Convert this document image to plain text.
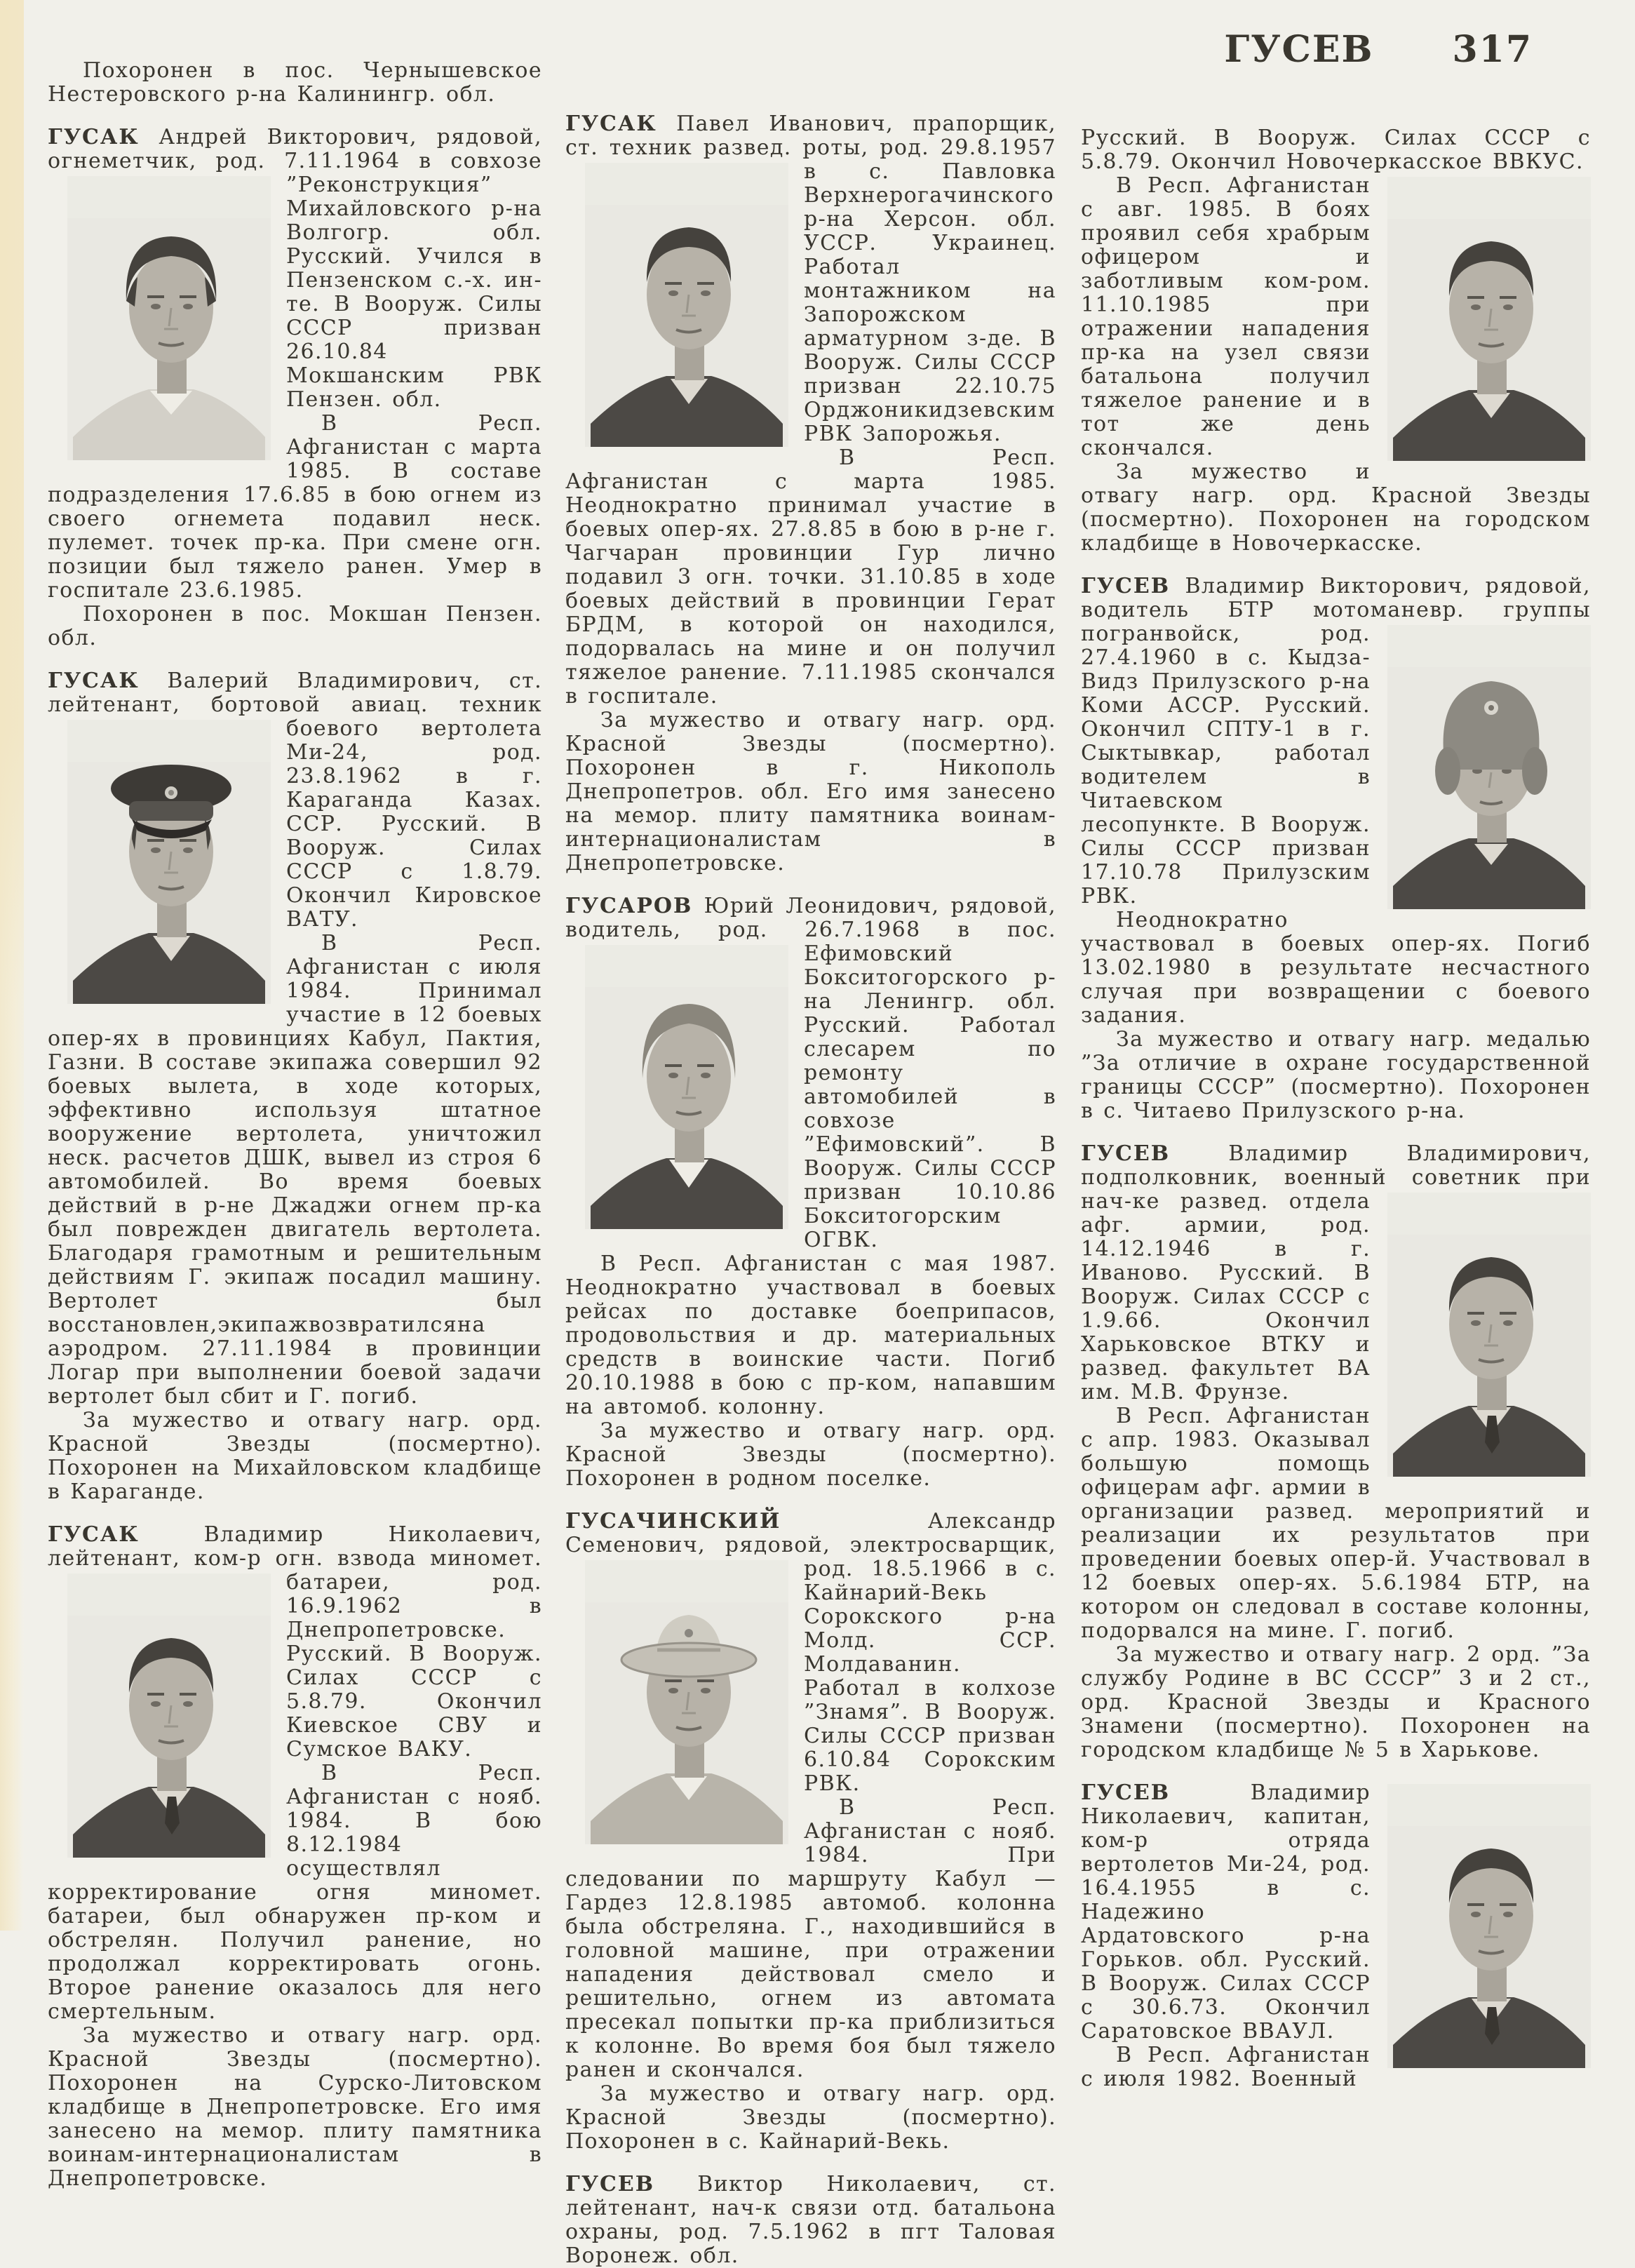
ГУСЕВ 317

Похоронен в пос. Чернышевское Нестеровского р-на Калинингр. обл.

ГУСАК Андрей Викторович, рядовой, огнеметчик, род. 7.11.1964 в совхозе
”Реконструкция” Михайловского р-на Волгогр. обл. Русский. Учился в Пензенском с.-х. ин-те. В Вооруж. Силы СССР призван 26.10.84 Мокшанским РВК Пензен. обл.

В Респ. Афганистан с марта 1985. В составе подразделения 17.6.85 в бою огнем из своего огнемета подавил неск. пулемет. точек пр-ка. При смене огн. позиции был тяжело ранен. Умер в госпитале 23.6.1985.

Похоронен в пос. Мокшан Пензен. обл.

ГУСАК Валерий Владимирович, ст. лейтенант, бортовой авиац. техник
боевого вертолета Ми-24, род. 23.8.1962 в г. Караганда Казах. ССР. Русский. В Вооруж. Силах СССР с 1.8.79. Окончил Кировское ВАТУ.

В Респ. Афганистан с июля 1984. Принимал участие в 12 боевых опер-ях в провинциях Кабул, Пактия, Газни. В составе экипажа совершил 92 боевых вылета, в ходе которых, эффективно используя штатное вооружение вертолета, уничтожил неск. расчетов ДШК, вывел из строя 6 автомобилей. Во время боевых действий в р-не Джаджи огнем пр-ка был поврежден двигатель вертолета. Благодаря грамотным и решительным действиям Г. экипаж посадил машину. Вертолет был восстановлен,экипажвозвратилсяна аэродром. 27.11.1984 в провинции Логар при выполнении боевой задачи вертолет был сбит и Г. погиб.

За мужество и отвагу нагр. орд. Красной Звезды (посмертно). Похоронен на Михайловском кладбище в Караганде.

ГУСАК Владимир Николаевич, лейтенант, ком-р огн. взвода миномет. батареи,	род. 16.9.1962 в Днепропетровске. Русский. В Вооруж. Силах СССР с 5.8.79. Окончил Киевское СВУ и Сумское ВАКУ.

В Респ. Афганистан с нояб. 1984. В бою 8.12.1984 осуществлял корректирование огня миномет. батареи, был обнаружен пр-ком и обстрелян. Получил ранение, но продолжал корректировать огонь. Второе ранение оказалось для него смертельным.

За мужество и отвагу нагр. орд. Красной Звезды (посмертно). Похоронен на Сурско-Литовском кладбище в Днепропетровске. Его имя занесено на мемор. плиту памятника воинам-интернационалистам в Днепропетровске.

ГУСАК Павел Иванович, прапорщик, ст. техник развед. роты, род. 29.8.1957 в с. Павловка Верхнерогачинского р-на Херсон. обл. УССР. Украинец. Работал монтажником на Запорожском арматурном з-де. В Вооруж. Силы СССР призван 22.10.75 Орджоникидзевским РВК Запорожья.

В Респ. Афганистан с марта 1985. Неоднократно принимал участие в боевых опер-ях. 27.8.85 в бою в р-не г. Чагчаран провинции Гур лично подавил 3 огн. точки. 31.10.85 в ходе боевых действий в провинции Герат БРДМ, в которой он находился, подорвалась на мине и он получил тяжелое ранение. 7.11.1985 скончался в госпитале.

За мужество и отвагу нагр. орд. Красной Звезды (посмертно). Похоронен в г. Никополь Днепропетров. обл. Его имя занесено на мемор. плиту памятника воинам-интернационалистам в Днепропетровске.

ГУСАРОВ Юрий Леонидович, рядовой, водитель, род. 26.7.1968 в пос. Ефимовский
Бокситогорского р-на Ленингр. обл. Русский. Работал слесарем по ремонту автомобилей в совхозе ”Ефимовский”. В Вооруж. Силы СССР призван 10.10.86 Бокситогорским ОГВК.

В Респ. Афганистан с мая 1987. Неоднократно участвовал в боевых рейсах по доставке боеприпасов, продовольствия и др. материальных средств в воинские части. Погиб 20.10.1988 в бою с пр-ком, напавшим на автомоб. колонну.

За мужество и отвагу нагр. орд. Красной Звезды (посмертно). Похоронен в родном поселке.

ГУСАЧИНСКИЙ Александр Семенович, рядовой, электросварщик, род. 18.5.1966 в с. Кайнарий-Векь Сорокского р-на Молд. ССР. Молдаванин. Работал в колхозе ”Знамя”. В Вооруж. Силы СССР призван 6.10.84 Сорокским РВК.

В Респ. Афганистан с нояб. 1984. При следовании по маршруту Кабул — Гардез 12.8.1985 автомоб. колонна была обстреляна. Г., находившийся в головной машине, при отражении нападения действовал смело и решительно, огнем из автомата пресекал попытки пр-ка приблизиться к колонне. Во время боя был тяжело ранен и скончался.

За мужество и отвагу нагр. орд. Красной Звезды (посмертно). Похоронен в с. Кайнарий-Векь.

ГУСЕВ Виктор Николаевич, ст. лейтенант, нач-к связи отд. батальона охраны, род. 7.5.1962 в пгт Таловая Воронеж. обл.

Русский. В Вооруж. Силах СССР с 5.8.79. Окончил Новочеркасское ВВКУС.

В Респ. Афганистан с авг. 1985. В боях проявил себя храбрым офицером и заботливым ком-ром. 11.10.1985 при отражении нападения пр-ка на узел связи батальона получил тяжелое ранение и в тот же день скончался.

За мужество и отвагу нагр. орд. Красной Звезды (посмертно). Похоронен на городском кладбище в Новочеркасске.

ГУСЕВ Владимир Викторович, рядовой, водитель БТР мотоманевр. группы
погранвойск, род. 27.4.1960 в с. Кыдза-Видз Прилузского р-на Коми АССР. Русский. Окончил СПТУ-1 в г. Сыктывкар, работал водителем в Читаевском лесопункте. В Вооруж. Силы СССР призван 17.10.78 Прилузским РВК.

Неоднократно участвовал в боевых опер-ях. Погиб 13.02.1980 в результате несчастного случая при возвращении с боевого задания.

За мужество и отвагу нагр. медалью ”За отличие в охране государственной границы СССР” (посмертно). Похоронен в с. Читаево Прилузского р-на.

ГУСЕВ Владимир Владимирович, подполковник, военный советник при нач-ке развед. отдела афг. армии, род. 14.12.1946 в г. Иваново. Русский. В Вооруж. Силах СССР с 1.9.66. Окончил Харьковское ВТКУ и развед. факультет ВА им. М.В. Фрунзе.

В Респ. Афганистан с апр. 1983. Оказывал большую помощь офицерам афг. армии в организации развед. мероприятий и реализации их результатов при проведении боевых опер-й. Участвовал в 12 боевых опер-ях. 5.6.1984 БТР, на котором он следовал в составе колонны, подорвался на мине. Г. погиб.

За мужество и отвагу нагр. 2 орд. ”За службу Родине в ВС СССР” 3 и 2 ст., орд. Красной Звезды и Красного Знамени (посмертно). Похоронен на городском кладбище № 5 в Харькове.

ГУСЕВ Владимир Николаевич, капитан, ком-р отряда вертолетов Ми-24, род. 16.4.1955 в с. Надежино Ардатовского р-на Горьков. обл. Русский. В Вооруж. Силах СССР с 30.6.73. Окончил Саратовское ВВАУЛ.

В Респ. Афганистан с июля 1982. Военный
